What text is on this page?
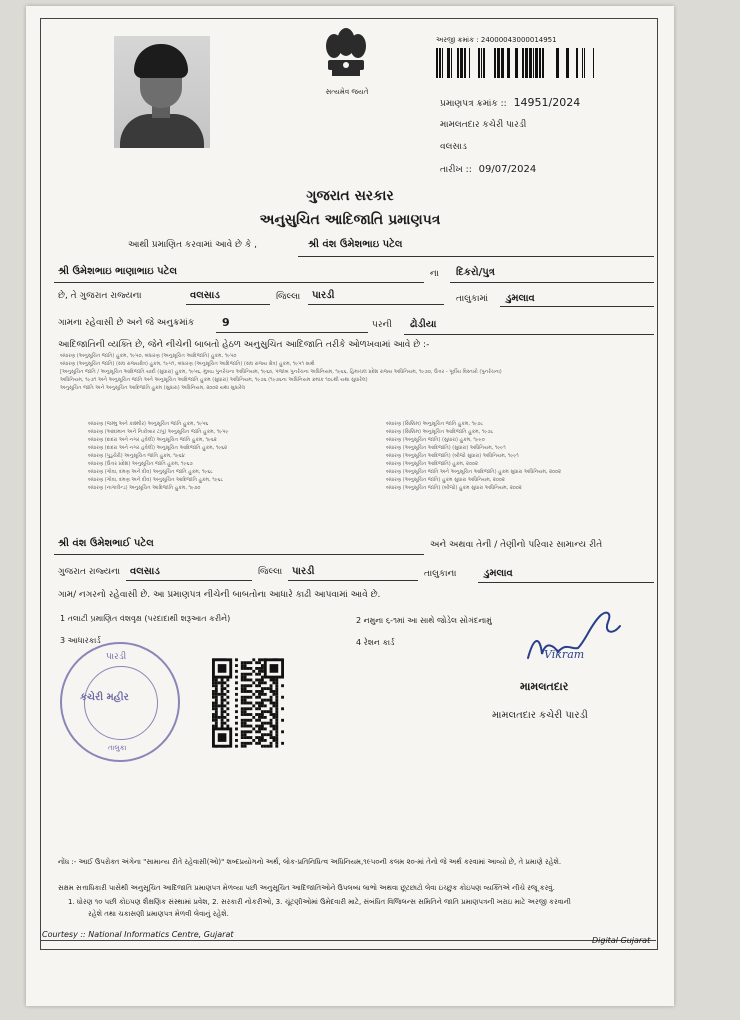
સત્યમેવ જયતે
અરજી ક્રમાંક : 24000043000014951
પ્રમાણપત્ર ક્રમાંક :: 14951/2024
મામલતદાર કચેરી પારડી
વલસાડ
તારીખ :: 09/07/2024
ગુજરાત સરકાર
અનુસુચિત આદિજાતિ પ્રમાણપત્ર
આથી પ્રમાણિત કરવામાં આવે છે કે ,	શ્રી વંશ ઉમેશભાઇ પટેલ
શ્રી ઉમેશભાઇ ભાણાભાઇ પટેલ	ના દિકરો/પુત્ર
છે, તે ગુજરાત રાજ્યના	વલસાડ	જિલ્લા પારડી	તાલુકામાં ડુમલાવ
ગામના રહેવાસી છે અને જે અનુક્રમાંક	9	પરની ઢોડીયા
આદિજાતિની વ્યક્તિ છે, જેને નીચેની બાબતો હેઠળ અનુસુચિત આદિજાતિ તરીકે ઓળખવામાં આવે છે :-
બંધારણ (અનુસૂચિત જાતિ) હુકમ, ૧૯૫૦, બંધારણ (અનુસૂચિત આદિજાતિ) હુકમ, ૧૯૫૦
બંધારણ (અનુસૂચિત જાતિ) (સંઘ રાજ્યક્ષેત્ર) હુકમ, ૧૯૫૧, બંધારણ (અનુસૂચિત આદિજાતિ) (સંઘ રાજ્ય ક્ષેત્ર) હુકમ, ૧૯૫૧ સાથે
[અનુસૂચિત જાતિ / અનુસૂચિત આદિજાતિ યાદી (સુધારા) હુકમ, ૧૯૫૬, મુંબઇ પુનર્રચના અધિનિયમ, ૧૯૬૦, પંજાબ પુનર્રચના અધિનિયમ, ૧૯૬૬, હિમાચલ પ્રદેશ રાજ્ય અધિનિયમ, ૧૯૭૦, ઉત્તર - પૂર્વીય વિસ્તારો (પુનર્રચના)
અધિનિયમ, ૧૯૭૧ અને અનુસૂચિત જાતિ અને અનુસૂચિત આદિજાતિ હુકમ (સુધારા) અધિનિયમ, ૧૯૭૬ (૧૯૭૬ના અધિનિયમ ક્રમાંક ૧૦૮થી યથા સુધારેલ)
અનુસૂચિત જાતિ અને અનુસૂચિત આદિજાતિ હુકમ (સુધારા) અધિનિયમ, ૨૦૦૨ યથા સુધારેલ
બંધારણ (જમ્મુ અને કાશ્મીર) અનુસૂચિત જાતિ હુકમ, ૧૯૫૬
બંધારણ (આંદામાન અને નિકોબાર ટાપુ) અનુસૂચિત જાતિ હુકમ, ૧૯૫૯
બંધારણ (દાદરા અને નગર હવેલી) અનુસૂચિત જાતિ હુકમ, ૧૯૬૨
બંધારણ (દાદરા અને નગર હવેલી) અનુસૂચિત આદિજાતિ હુકમ, ૧૯૬૨
બંધારણ (પુડુચેરી) અનુસૂચિત જાતિ હુકમ, ૧૯૬૪
બંધારણ (ઉત્તર પ્રદેશ) અનુસૂચિત જાતિ હુકમ, ૧૯૬૭
બંધારણ (ગોવા, દમણ અને દીવ) અનુસૂચિત જાતિ હુકમ, ૧૯૬૮
બંધારણ (ગોવા, દમણ અને દીવ) અનુસૂચિત આદિજાતિ હુકમ, ૧૯૬૮
બંધારણ (નાગાલેન્ડ) અનુસૂચિત આદિજાતિ હુકમ, ૧૯૭૦
બંધારણ (સિક્કિમ) અનુસૂચિત જાતિ હુકમ, ૧૯૭૮
બંધારણ (સિક્કિમ) અનુસૂચિત આદિજાતિ હુકમ, ૧૯૭૮
બંધારણ (અનુસૂચિત જાતિ) (સુધારા) હુકમ, ૧૯૯૦
બંધારણ (અનુસૂચિત આદિજાતિ) (સુધારા) અધિનિયમ, ૧૯૯૧
બંધારણ (અનુસૂચિત આદિજાતિ) (બીજો સુધારા) અધિનિયમ, ૧૯૯૧
બંધારણ (અનુસૂચિત આદિજાતિ) હુકમ, ૨૦૦૨
બંધારણ (અનુસૂચિત જાતિ અને અનુસૂચિત આદિજાતિ) હુકમ સુધારા અધિનિયમ, ૨૦૦૨
બંધારણ (અનુસૂચિત જાતિ) હુકમ સુધારા અધિનિયમ, ૨૦૦૨
બંધારણ (અનુસૂચિત જાતિ) (બીજો) હુકમ સુધારા અધિનિયમ, ૨૦૦૨
શ્રી વંશ ઉમેશભાઈ પટેલ	અને અથવા તેની / તેણીનો પરિવાર સામાન્ય રીતે
ગુજરાત રાજ્યના વલસાડ	જિલ્લા પારડી	તાલુકાના	ડુમલાવ
ગામ/ નગરનો રહેવાસી છે. આ પ્રમાણપત્ર નીચેની બાબતોના આધારે કાઢી આપવામાં આવે છે.
1 તલાટી પ્રમાણિત વંશવૃક્ષ (પરદાદાથી શરૂઆત કરીને)	2 નમુના ૬-૧માં આ સાથે જોડેલ સોગંદનામું
3 આધારકાર્ડ	4 રેશન કાર્ડ
પારડી
કચેરી મહીર
તાલુકા
Vikram
મામલતદાર
મામલતદાર કચેરી પારડી
નોંધ :- આઈ ઉપરોક્ત અંગેના "સામાન્ય રીતે રહેવાસી(ઓ)" શબ્દપ્રયોગનો અર્થ, લોક-પ્રતિનિધિત્વ અધિનિયમ,૧૯૫૦ની કલમ ૨૦-માં તેનો જે અર્થ કરવામાં આવ્યો છે, તે પ્રમાણે રહેશે.
સક્ષમ સત્તાધિકારી પાસેથી અનુસૂચિત આદિજાતિ પ્રમાણપત્ર મેળવ્યા પછી અનુસૂચિત આદિજાતિઓને ઉપલબ્ધ લાભો અથવા છૂટછાટો લેવા ઇચ્છુક કોઇપણ વ્યક્તિએ નીચે રજૂ કરવું.
1. ધોરણ ૧૦ પછી કોઇપણ શૈક્ષણિક સંસ્થામાં પ્રવેશ, 2. સરકારી નોકરીઓ, 3. ચૂંટણીઓમાં ઉમેદવારી માટે, સંબંધિત વિજિલન્સ સમિતિને જાતિ પ્રમાણપત્રની ખરાઇ માટે અરજી કરવાની
રહેશે તથા ચકાસણી પ્રમાણપત્ર મેળવી લેવાનું રહેશે.
Courtesy :: National Informatics Centre, Gujarat
Digital Gujarat
